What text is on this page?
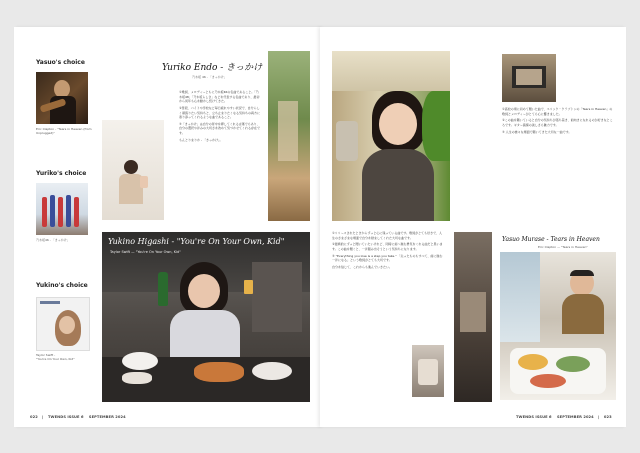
Yasuo's choice
Eric Clapton - "Tears in Heaven (from
Unplugged)"
Yuriko's choice
乃木坂46 - 「きっかけ」
Yukino's choice
Taylor Swift -
"You're On Your Own, Kid"
Yuriko Endo - きっかけ
乃木坂 46 - 「きっかけ」

①歌詞、メロディーともに乃木坂46の名曲であること。「乃木坂48」「乃木坂らしさ」などを代表する名曲であり、最初から何年も心を動かし続けてきた。

②普段、バイトや学校など毎日疲れやすい状況で、自分らしく頑張りたい気持ちと、立ち止まりたくなる気持ちの両方に寄り添ってくれるような曲であること。

③「きっかけ」は自分の背中を押してくれる言葉でもあり、自分の選択や歩みの大切さを改めて気づかせてくれる存在です。

もんとりまりか - 「きっかけ」。

Yukino Higashi - "You're On Your Own, Kid"
Taylor Swift — "You're On Your Own, Kid"
022 | TWENDS ISSUE 6 SEPTEMBER 2024

①高校の頃に初めて聞いた曲で、エリック・クラプトンの「Tears in Heaven」の歌詞とメロディーがとても心に響きました。

②この曲を聴いていると自分の気持ちが落ち着き、前向きになれるのが好きなところです。ギター演奏の美しさも魅力です。

③ 人生の様々な場面で聴いてきた大切な一曲です。

①リリースされたときからずっと心に残っている曲です。歌詞がとても好きで、人生のさまざまな場面で自分を励ましてくれた大切な曲です。

②最終的にずっと聞いていたいけれど、同時に前へ進む勇気をくれる曲だと思います。この曲を聞くと、一歩踏み出そうという気持ちになります。

③ "Everything you lose is a step you take." 「失ったものもすべて、前に進む一歩になる」という歌詞がとても大切です。

自分を信じて、これからも進んでいきたい。

Yasuo Murase - Tears in Heaven
Eric Clapton — "Tears in Heaven"
TWENDS ISSUE 6 SEPTEMBER 2024 | 023
